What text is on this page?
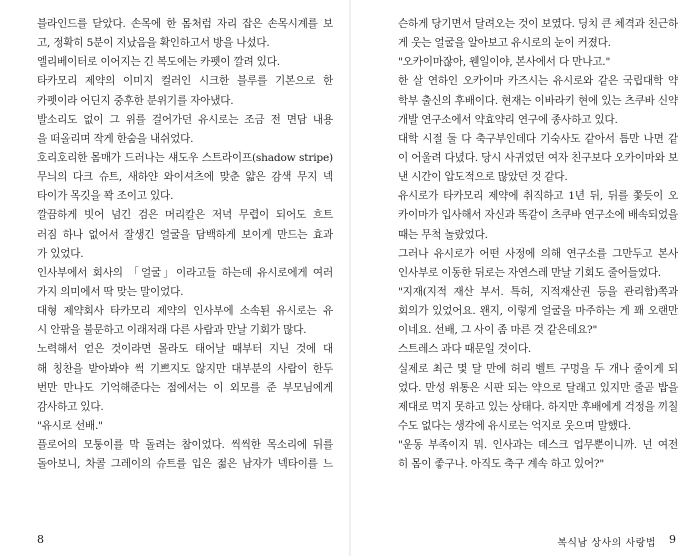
블라인드를 닫았다. 손목에 한 몸처럼 자리 잡은 손목시계를 보
고, 정확히 5분이 지났음을 확인하고서 방을 나섰다.
엘리베이터로 이어지는 긴 복도에는 카펫이 깔려 있다.
타카모리 제약의 이미지 컬러인 시크한 블루를 기본으로 한
카펫이라 어딘지 중후한 분위기를 자아냈다.
발소리도 없이 그 위를 걸어가던 유시로는 조금 전 면담 내용
을 떠올리며 작게 한숨을 내쉬었다.
호리호리한 몸매가 드러나는 섀도우 스트라이프(shadow stripe)
무늬의 다크 슈트, 새하얀 와이셔츠에 맞춘 얇은 감색 무지 넥
타이가 목깃을 꽉 조이고 있다.
깔끔하게 빗어 넘긴 검은 머리칼은 저녁 무렵이 되어도 흐트
러짐 하나 없어서 잘생긴 얼굴을 담백하게 보이게 만드는 효과
가 있었다.
인사부에서 회사의 「얼굴」이라고들 하는데 유시로에게 여러
가지 의미에서 딱 맞는 말이었다.
대형 제약회사 타카모리 제약의 인사부에 소속된 유시로는 유
시 안팎을 불문하고 이래저래 다른 사람과 만날 기회가 많다.
노력해서 얻은 것이라면 몰라도 태어날 때부터 지닌 것에 대
해 칭찬을 받아봐야 썩 기쁘지도 않지만 대부분의 사람이 한두
번만 만나도 기억해준다는 점에서는 이 외모를 준 부모님에게
감사하고 있다.
"유시로 선배."
플로어의 모퉁이를 막 돌려는 참이었다. 씩씩한 목소리에 뒤를
돌아보니, 차콜 그레이의 슈트를 입은 젊은 남자가 넥타이를 느
8
슨하게 당기면서 달려오는 것이 보였다. 딩치 큰 체격과 친근하
게 웃는 얼굴을 알아보고 유시로의 눈이 커졌다.
"오카이마잖아, 웬일이야, 본사에서 다 만나고."
한 살 연하인 오카이마 카즈시는 유시로와 같은 국립대학 약
학부 출신의 후배이다. 현재는 이바라키 현에 있는 츠쿠바 신약
개발 연구소에서 약효약리 연구에 종사하고 있다.
대학 시절 둘 다 축구부인데다 기숙사도 같아서 틈만 나면 같
이 어울려 다녔다. 당시 사귀었던 여자 친구보다 오카이마와 보
낸 시간이 압도적으로 많았던 것 같다.
유시로가 타카모리 제약에 취직하고 1년 뒤, 뒤를 쫓듯이 오
카이마가 입사해서 자신과 똑같이 츠쿠바 연구소에 배속되었을
때는 무척 놀랐었다.
그러나 유시로가 어떤 사정에 의해 연구소를 그만두고 본사
인사부로 이동한 뒤로는 자연스레 만날 기회도 줄어들었다.
"지재(지적 재산 부서. 특허, 지적재산권 등을 관리함)쪽과
회의가 있었어요. 왠지, 이렇게 얼굴을 마주하는 게 꽤 오랜만
이네요. 선배, 그 사이 좀 마른 것 같은데요?"
스트레스 과다 때문일 것이다.
실제로 최근 몇 달 만에 허리 벨트 구멍을 두 개나 줄이게 되
었다. 만성 위통은 시판 되는 약으로 달래고 있지만 줄곧 밥을
제대로 먹지 못하고 있는 상태다. 하지만 후배에게 걱정을 끼칠
수도 없다는 생각에 유시로는 억지로 웃으며 말했다.
"운동 부족이지 뭐. 인사과는 데스크 업무뿐이니까. 넌 여전
히 몸이 좋구나. 아직도 축구 계속 하고 있어?"
복식남 상사의 사랑법 9
